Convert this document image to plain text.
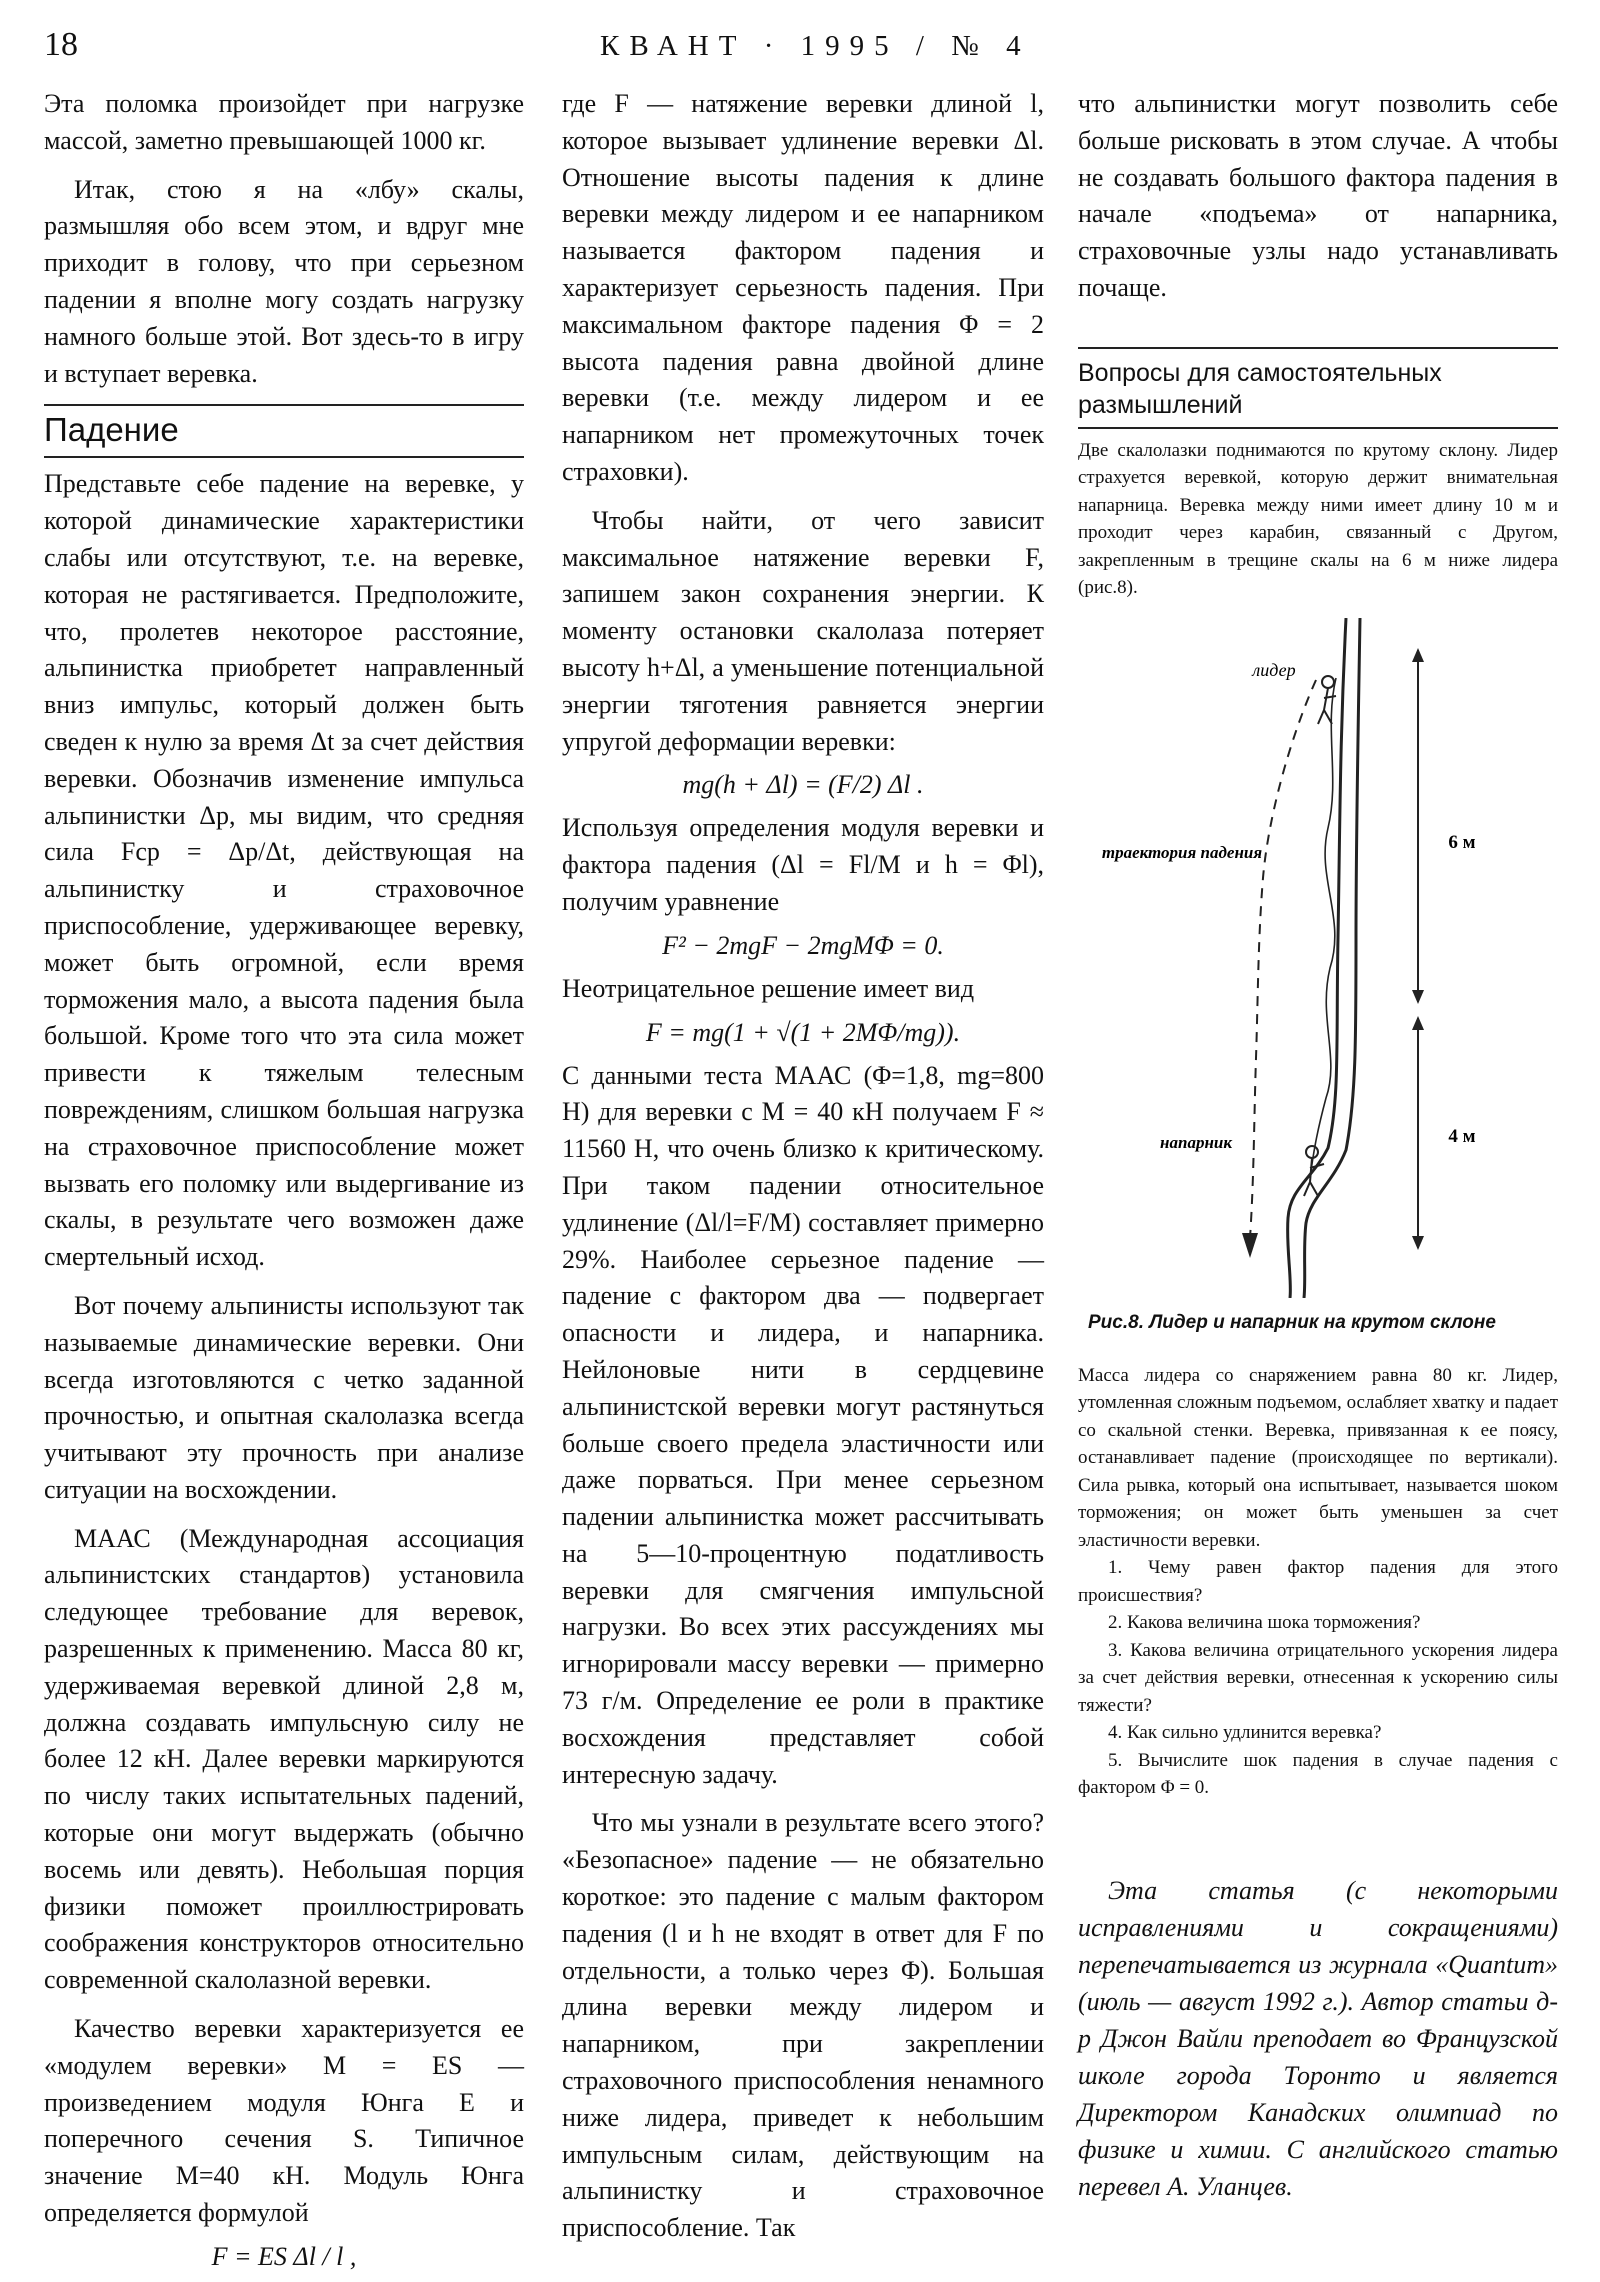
18	КВАНТ · 1995 / № 4

Эта поломка произойдет при нагрузке массой, заметно превышающей 1000 кг.

Итак, стою я на «лбу» скалы, размышляя обо всем этом, и вдруг мне приходит в голову, что при серьезном падении я вполне могу создать нагрузку намного больше этой. Вот здесь-то в игру и вступает веревка.

Падение

Представьте себе падение на веревке, у которой динамические характеристики слабы или отсутствуют, т.е. на веревке, которая не растягивается. Предположите, что, пролетев некоторое расстояние, альпинистка приобретет направленный вниз импульс, который должен быть сведен к нулю за время Δt за счет действия веревки. Обозначив изменение импульса альпинистки Δp, мы видим, что средняя сила Fср = Δp/Δt, действующая на альпинистку и страховочное приспособление, удерживающее веревку, может быть огромной, если время торможения мало, а высота падения была большой. Кроме того что эта сила может привести к тяжелым телесным повреждениям, слишком большая нагрузка на страховочное приспособление может вызвать его поломку или выдергивание из скалы, в результате чего возможен даже смертельный исход.

Вот почему альпинисты используют так называемые динамические веревки. Они всегда изготовляются с четко заданной прочностью, и опытная скалолазка всегда учитывают эту прочность при анализе ситуации на восхождении.

МААС (Международная ассоциация альпинистских стандартов) установила следующее требование для веревок, разрешенных к применению. Масса 80 кг, удерживаемая веревкой длиной 2,8 м, должна создавать импульсную силу не более 12 кН. Далее веревки маркируются по числу таких испытательных падений, которые они могут выдержать (обычно восемь или девять). Небольшая порция физики поможет проиллюстрировать соображения конструкторов относительно современной скалолазной веревки.

Качество веревки характеризуется ее «модулем веревки» M = ES — произведением модуля Юнга E и поперечного сечения S. Типичное значение M=40 кН. Модуль Юнга определяется формулой

F = ES Δl / l ,

где F — натяжение веревки длиной l, которое вызывает удлинение веревки Δl. Отношение высоты падения к длине веревки между лидером и ее напарником называется фактором падения и характеризует серьезность падения. При максимальном факторе падения Φ = 2 высота падения равна двойной длине веревки (т.е. между лидером и ее напарником нет промежуточных точек страховки).

Чтобы найти, от чего зависит максимальное натяжение веревки F, запишем закон сохранения энергии. К моменту остановки скалолаза потеряет высоту h+Δl, а уменьшение потенциальной энергии тяготения равняется энергии упругой деформации веревки:

mg(h + Δl) = (F/2) Δl .

Используя определения модуля веревки и фактора падения (Δl = Fl/M и h = Φl), получим уравнение

F² − 2mgF − 2mgMΦ = 0.

Неотрицательное решение имеет вид

F = mg(1 + √(1 + 2MΦ/mg)).

С данными теста МААС (Φ=1,8, mg=800 Н) для веревки с M = 40 кН получаем F ≈ 11560 Н, что очень близко к критическому. При таком падении относительное удлинение (Δl/l=F/M) составляет примерно 29%. Наиболее серьезное падение — падение с фактором два — подвергает опасности и лидера, и напарника. Нейлоновые нити в сердцевине альпинистской веревки могут растянуться больше своего предела эластичности или даже порваться. При менее серьезном падении альпинистка может рассчитывать на 5—10-процентную податливость веревки для смягчения импульсной нагрузки. Во всех этих рассуждениях мы игнорировали массу веревки — примерно 73 г/м. Определение ее роли в практике восхождения представляет собой интересную задачу.

Что мы узнали в результате всего этого? «Безопасное» падение — не обязательно короткое: это падение с малым фактором падения (l и h не входят в ответ для F по отдельности, а только через Φ). Большая длина веревки между лидером и напарником, при закреплении страховочного приспособления ненамного ниже лидера, приведет к небольшим импульсным силам, действующим на альпинистку и страховочное приспособление. Так

что альпинистки могут позволить себе больше рисковать в этом случае. А чтобы не создавать большого фактора падения в начале «подъема» от напарника, страховочные узлы надо устанавливать почаще.

Вопросы для самостоятельных размышлений

Две скалолазки поднимаются по крутому склону. Лидер страхуется веревкой, которую держит внимательная напарница. Веревка между ними имеет длину 10 м и проходит через карабин, связанный с Другом, закрепленным в трещине скалы на 6 м ниже лидера (рис.8).

лидер
траектория падения
напарник
6 м
4 м
Рис.8. Лидер и напарник на крутом склоне

Масса лидера со снаряжением равна 80 кг. Лидер, утомленная сложным подъемом, ослабляет хватку и падает со скальной стенки. Веревка, привязанная к ее поясу, останавливает падение (происходящее по вертикали). Сила рывка, который она испытывает, называется шоком торможения; он может быть уменьшен за счет эластичности веревки.

1. Чему равен фактор падения для этого происшествия?

2. Какова величина шока торможения?

3. Какова величина отрицательного ускорения лидера за счет действия веревки, отнесенная к ускорению силы тяжести?

4. Как сильно удлинится веревка?

5. Вычислите шок падения в случае падения с фактором Φ = 0.

Эта статья (с некоторыми исправлениями и сокращениями) перепечатывается из журнала «Quantum» (июль — август 1992 г.). Автор статьи д-р Джон Вайли преподает во Французской школе города Торонто и является Директором Канадских олимпиад по физике и химии. С английского статью перевел А. Уланцев.
